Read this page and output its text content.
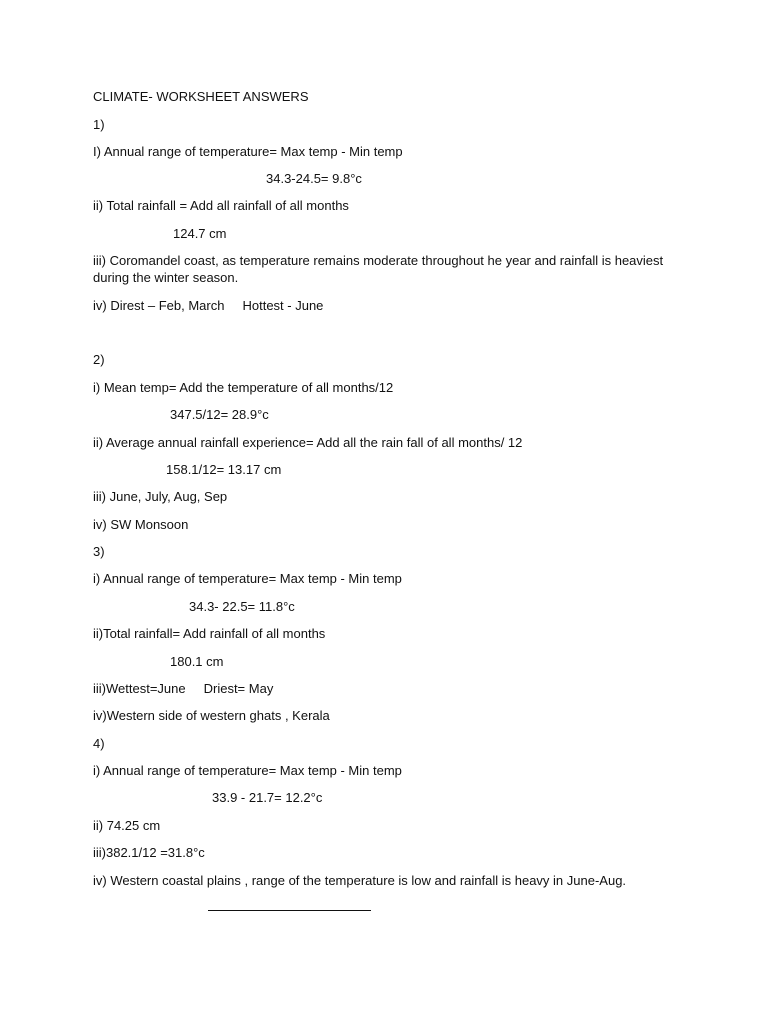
CLIMATE- WORKSHEET ANSWERS
1)
I) Annual range of temperature= Max temp - Min temp
34.3-24.5= 9.8°c
ii) Total rainfall = Add all rainfall of all months
124.7 cm
iii) Coromandel coast, as temperature remains moderate throughout he year and rainfall is heaviest during the winter season.
iv) Direst – Feb, March Hottest - June
2)
i) Mean temp= Add the temperature of all months/12
347.5/12= 28.9°c
ii) Average annual rainfall experience= Add all the rain fall of all months/ 12
158.1/12= 13.17 cm
iii) June, July, Aug, Sep
iv) SW Monsoon
3)
i) Annual range of temperature= Max temp - Min temp
34.3- 22.5= 11.8°c
ii)Total rainfall= Add rainfall of all months
180.1 cm
iii)Wettest=June Driest= May
iv)Western side of western ghats , Kerala
4)
i) Annual range of temperature= Max temp - Min temp
33.9 - 21.7= 12.2°c
ii) 74.25 cm
iii)382.1/12 =31.8°c
iv) Western coastal plains , range of the temperature is low and rainfall is heavy in June-Aug.
